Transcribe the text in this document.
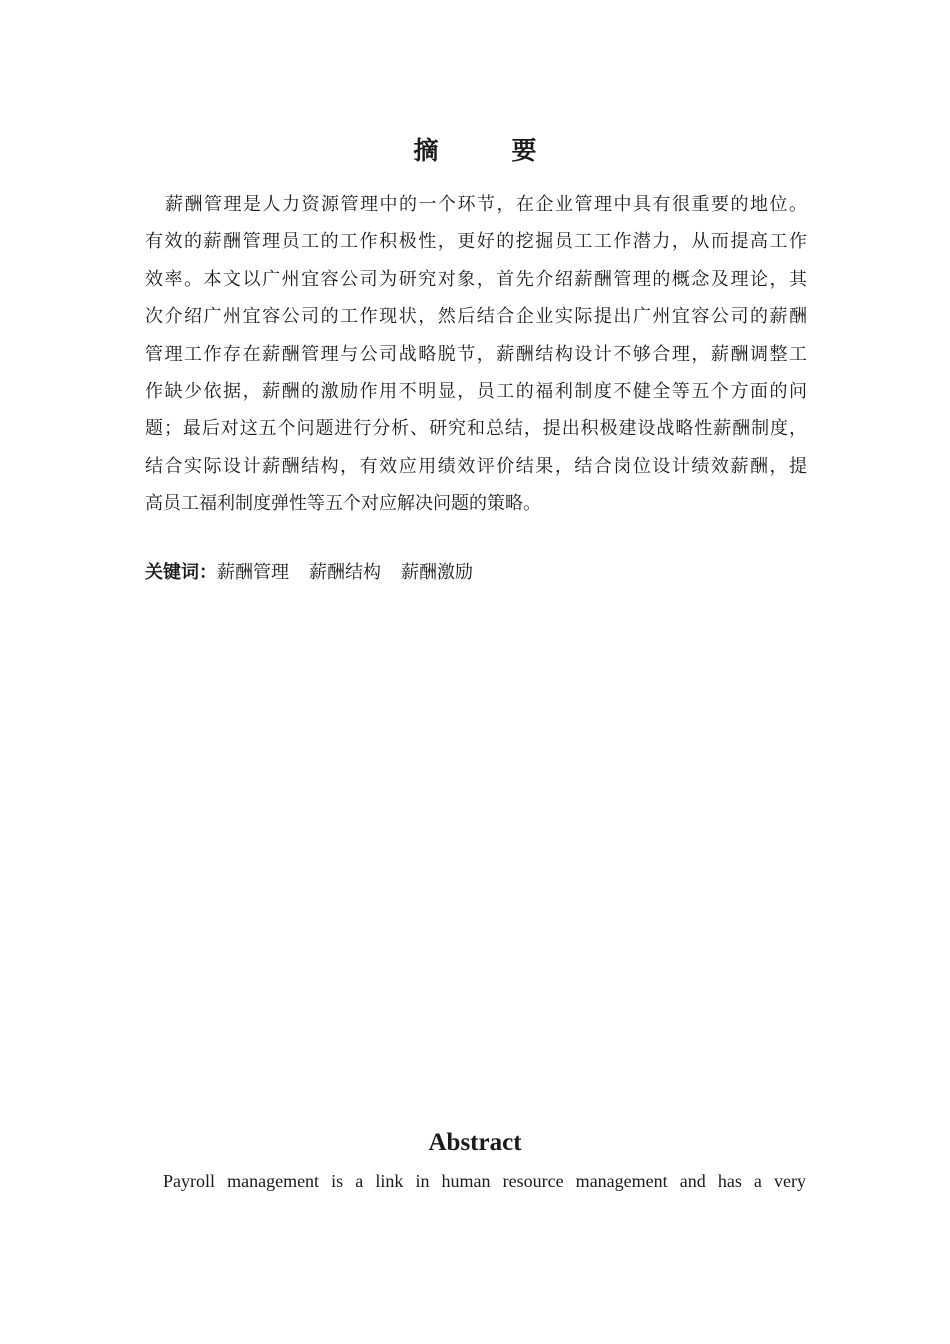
摘　要
薪酬管理是人力资源管理中的一个环节，在企业管理中具有很重要的地位。
有效的薪酬管理员工的工作积极性，更好的挖掘员工工作潜力，从而提高工作
效率。本文以广州宜容公司为研究对象，首先介绍薪酬管理的概念及理论，其
次介绍广州宜容公司的工作现状，然后结合企业实际提出广州宜容公司的薪酬
管理工作存在薪酬管理与公司战略脱节，薪酬结构设计不够合理，薪酬调整工
作缺少依据，薪酬的激励作用不明显，员工的福利制度不健全等五个方面的问
题；最后对这五个问题进行分析、研究和总结，提出积极建设战略性薪酬制度，
结合实际设计薪酬结构，有效应用绩效评价结果，结合岗位设计绩效薪酬，提
高员工福利制度弹性等五个对应解决问题的策略。

关键词：薪酬管理 薪酬结构 薪酬激励

Abstract

Payroll management is a link in human resource management and has a very
